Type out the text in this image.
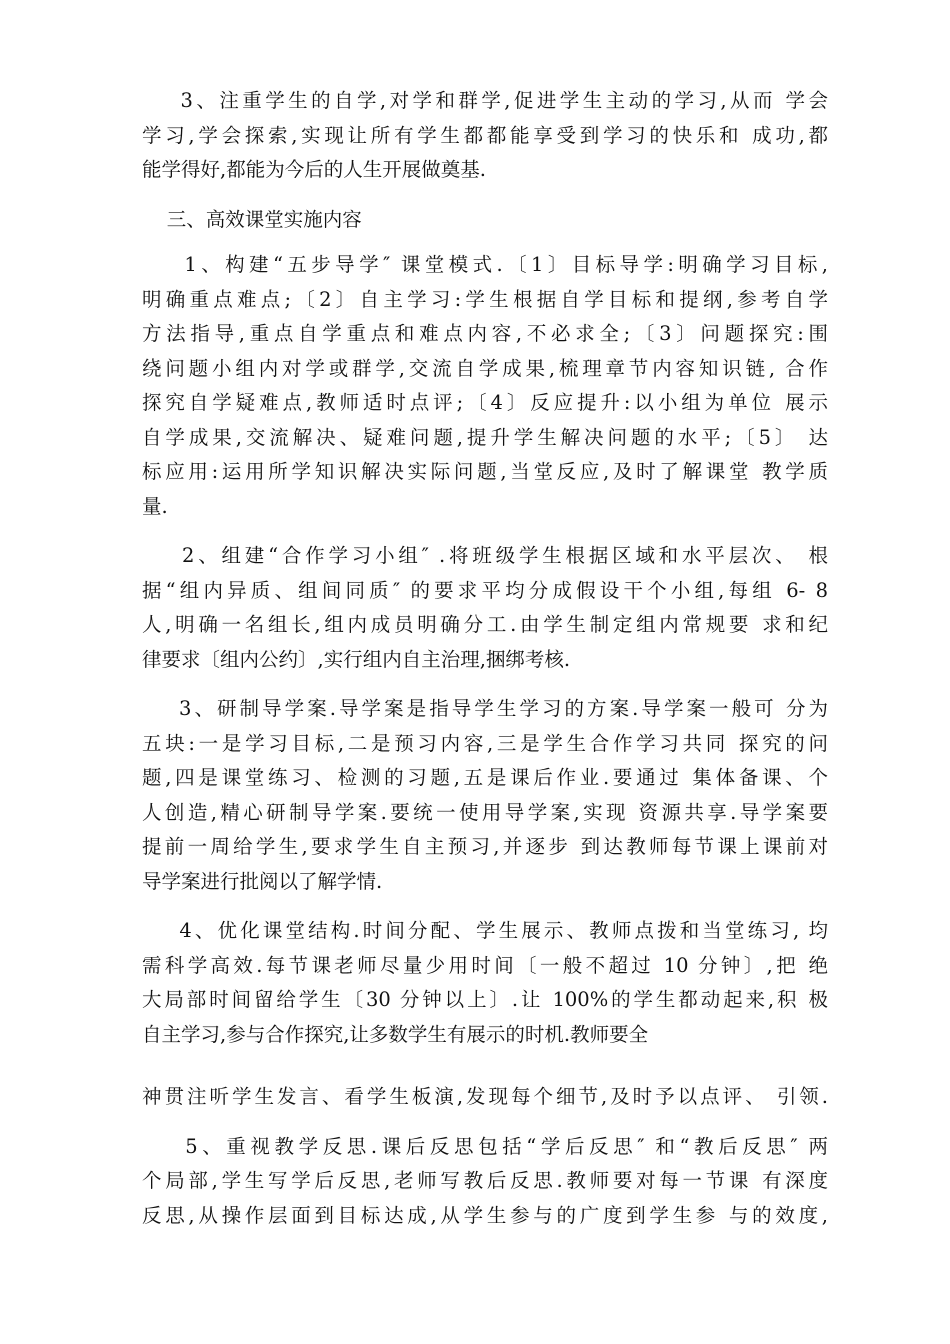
3、注重学生的自学,对学和群学,促进学生主动的学习,从而 学会
学习,学会探索,实现让所有学生都都能享受到学习的快乐和 成功,都
能学得好,都能为今后的人生开展做奠基.
三、高效课堂实施内容
1、构建“五步导学″ 课堂模式.〔1〕目标导学:明确学习目标,
明确重点难点;〔2〕自主学习:学生根据自学目标和提纲,参考自学
方法指导,重点自学重点和难点内容,不必求全;〔3〕问题探究:围
绕问题小组内对学或群学,交流自学成果,梳理章节内容知识链, 合作
探究自学疑难点,教师适时点评;〔4〕反应提升:以小组为单位 展示
自学成果,交流解决、疑难问题,提升学生解决问题的水平;〔5〕 达
标应用:运用所学知识解决实际问题,当堂反应,及时了解课堂 教学质
量.
2、组建“合作学习小组″ .将班级学生根据区域和水平层次、 根
据“组内异质、组间同质″ 的要求平均分成假设干个小组,每组 6- 8
人,明确一名组长,组内成员明确分工.由学生制定组内常规要 求和纪
律要求〔组内公约〕,实行组内自主治理,捆绑考核.
3、研制导学案.导学案是指导学生学习的方案.导学案一般可 分为
五块:一是学习目标,二是预习内容,三是学生合作学习共同 探究的问
题,四是课堂练习、检测的习题,五是课后作业.要通过 集体备课、个
人创造,精心研制导学案.要统一使用导学案,实现 资源共享.导学案要
提前一周给学生,要求学生自主预习,并逐步 到达教师每节课上课前对
导学案进行批阅以了解学情.
4、优化课堂结构.时间分配、学生展示、教师点拨和当堂练习, 均
需科学高效.每节课老师尽量少用时间〔一般不超过 10 分钟〕,把 绝
大局部时间留给学生〔30 分钟以上〕.让 100%的学生都动起来,积 极
自主学习,参与合作探究,让多数学生有展示的时机.教师要全
神贯注听学生发言、看学生板演,发现每个细节,及时予以点评、 引领.
5、重视教学反思.课后反思包括“学后反思″ 和“教后反思″ 两
个局部,学生写学后反思,老师写教后反思.教师要对每一节课 有深度
反思,从操作层面到目标达成,从学生参与的广度到学生参 与的效度,
